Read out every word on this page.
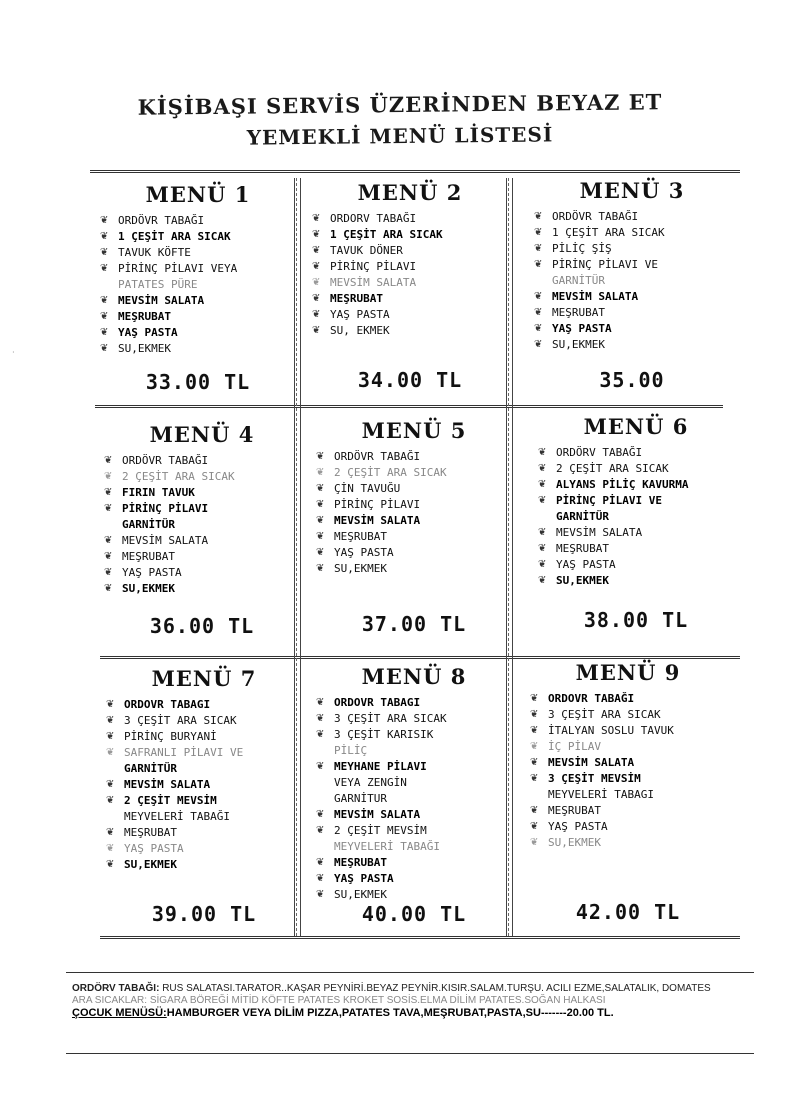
KİŞİBAŞI SERVİS ÜZERİNDEN BEYAZ ET
YEMEKLİ MENÜ LİSTESİ
MENÜ 1
❦ ORDÖVR TABAĞI
❦ 1 ÇEŞİT ARA SICAK
❦ TAVUK KÖFTE
❦ PİRİNÇ PİLAVI VEYA
PATATES PÜRE
❦ MEVSİM SALATA
❦ MEŞRUBAT
❦ YAŞ PASTA
❦ SU,EKMEK
33.00 TL
MENÜ 2
❦ ORDORV TABAĞI
❦ 1 ÇEŞİT ARA SICAK
❦ TAVUK DÖNER
❦ PİRİNÇ PİLAVI
❦ MEVSİM SALATA
❦ MEŞRUBAT
❦ YAŞ PASTA
❦ SU, EKMEK
34.00 TL
MENÜ 3
❦ ORDÖVR TABAĞI
❦ 1 ÇEŞİT ARA SICAK
❦ PİLİÇ ŞİŞ
❦ PİRİNÇ PİLAVI VE
GARNİTÜR
❦ MEVSİM SALATA
❦ MEŞRUBAT
❦ YAŞ PASTA
❦ SU,EKMEK
35.00
MENÜ 4
❦ ORDÖVR TABAĞI
❦ 2 ÇEŞİT ARA SICAK
❦ FIRIN TAVUK
❦ PİRİNÇ PİLAVI
GARNİTÜR
❦ MEVSİM SALATA
❦ MEŞRUBAT
❦ YAŞ PASTA
❦ SU,EKMEK
36.00 TL
MENÜ 5
❦ ORDÖVR TABAĞI
❦ 2 ÇEŞİT ARA SICAK
❦ ÇİN TAVUĞU
❦ PİRİNÇ PİLAVI
❦ MEVSİM SALATA
❦ MEŞRUBAT
❦ YAŞ PASTA
❦ SU,EKMEK
37.00 TL
MENÜ 6
❦ ORDÖRV TABAĞI
❦ 2 ÇEŞİT ARA SICAK
❦ ALYANS PİLİÇ KAVURMA
❦ PİRİNÇ PİLAVI VE
GARNİTÜR
❦ MEVSİM SALATA
❦ MEŞRUBAT
❦ YAŞ PASTA
❦ SU,EKMEK
38.00 TL
MENÜ 7
❦ ORDOVR TABAGI
❦ 3 ÇEŞİT ARA SICAK
❦ PİRİNÇ BURYANİ
❦ SAFRANLI PİLAVI VE
GARNİTÜR
❦ MEVSİM SALATA
❦ 2 ÇEŞİT MEVSİM
MEYVELERİ TABAĞI
❦ MEŞRUBAT
❦ YAŞ PASTA
❦ SU,EKMEK
39.00 TL
MENÜ 8
❦ ORDOVR TABAGI
❦ 3 ÇEŞİT ARA SICAK
❦ 3 ÇEŞİT KARISIK
PİLİÇ
❦ MEYHANE PİLAVI
VEYA ZENGİN
GARNİTUR
❦ MEVSİM SALATA
❦ 2 ÇEŞİT MEVSİM
MEYVELERİ TABAĞI
❦ MEŞRUBAT
❦ YAŞ PASTA
❦ SU,EKMEK
40.00 TL
MENÜ 9
❦ ORDOVR TABAĞI
❦ 3 ÇEŞİT ARA SICAK
❦ İTALYAN SOSLU TAVUK
❦ İÇ PİLAV
❦ MEVSİM SALATA
❦ 3 ÇEŞİT MEVSİM
MEYVELERİ TABAGI
❦ MEŞRUBAT
❦ YAŞ PASTA
❦ SU,EKMEK
42.00 TL
·
ORDÖRV TABAĞI: RUS SALATASI.TARATOR..KAŞAR PEYNİRİ.BEYAZ PEYNİR.KISIR.SALAM.TURŞU. ACILI EZME,SALATALIK, DOMATES
ARA SICAKLAR: SİGARA BÖREĞİ MİTİD KÖFTE PATATES KROKET SOSİS.ELMA DİLİM PATATES.SOĞAN HALKASI
ÇOCUK MENÜSÜ:HAMBURGER VEYA DİLİM PIZZA,PATATES TAVA,MEŞRUBAT,PASTA,SU-------20.00 TL.
